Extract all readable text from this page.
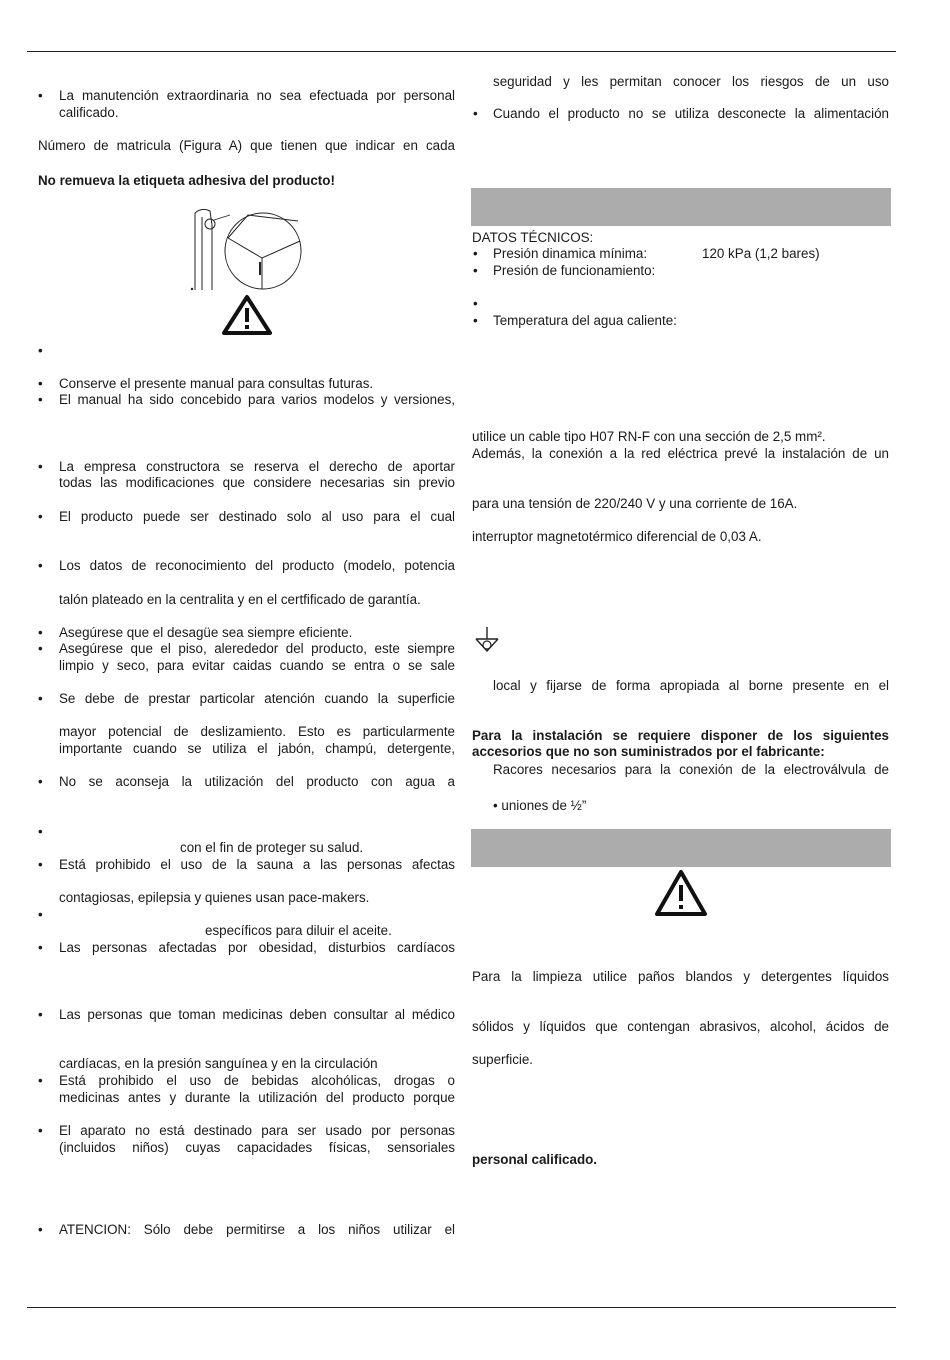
• La manutención extraordinaria no sea efectuada por personal
calificado.
Número de matricula (Figura A) que tienen que indicar en cada
No remueva la etiqueta adhesiva del producto!
•
• Conserve el presente manual para consultas futuras.
• El manual ha sido concebido para varios modelos y versiones,
• La empresa constructora se reserva el derecho de aportar
todas las modificaciones que considere necesarias sin previo
• El producto puede ser destinado solo al uso para el cual
• Los datos de reconocimiento del producto (modelo, potencia
talón plateado en la centralita y en el certfificado de garantía.
• Asegúrese que el desagüe sea siempre eficiente.
• Asegúrese que el piso, alerededor del producto, este siempre
limpio y seco, para evitar caidas cuando se entra o se sale
• Se debe de prestar particolar atención cuando la superficie
mayor potencial de deslizamiento. Esto es particularmente
importante cuando se utiliza el jabón, champú, detergente,
• No se aconseja la utilización del producto con agua a
•
con el fin de proteger su salud.
• Está prohibido el uso de la sauna a las personas afectas
contagiosas, epilepsia y quienes usan pace-makers.
•
específicos para diluir el aceite.
• Las personas afectadas por obesidad, disturbios cardíacos
• Las personas que toman medicinas deben consultar al médico
cardíacas, en la presión sanguínea y en la circulación
• Está prohibido el uso de bebidas alcohólicas, drogas o
medicinas antes y durante la utilización del producto porque
• El aparato no está destinado para ser usado por personas
(incluidos niños) cuyas capacidades físicas, sensoriales
• ATENCION: Sólo debe permitirse a los niños utilizar el
seguridad y les permitan conocer los riesgos de un uso
• Cuando el producto no se utiliza desconecte la alimentación
DATOS TÉCNICOS:
• Presión dinamica mínima:	120 kPa (1,2 bares)
• Presión de funcionamiento:
•
• Temperatura del agua caliente:
utilice un cable tipo H07 RN-F con una sección de 2,5 mm².
Además, la conexión a la red eléctrica prevé la instalación de un
para una tensión de 220/240 V y una corriente de 16A.
interruptor magnetotérmico diferencial de 0,03 A.
local y fijarse de forma apropiada al borne presente en el
Para la instalación se requiere disponer de los siguientes
accesorios que no son suministrados por el fabricante:
Racores necesarios para la conexión de la electroválvula de
• uniones de ½”
Para la limpieza utilice paños blandos y detergentes líquidos
sólidos y líquidos que contengan abrasivos, alcohol, ácidos de
superficie.
personal calificado.
